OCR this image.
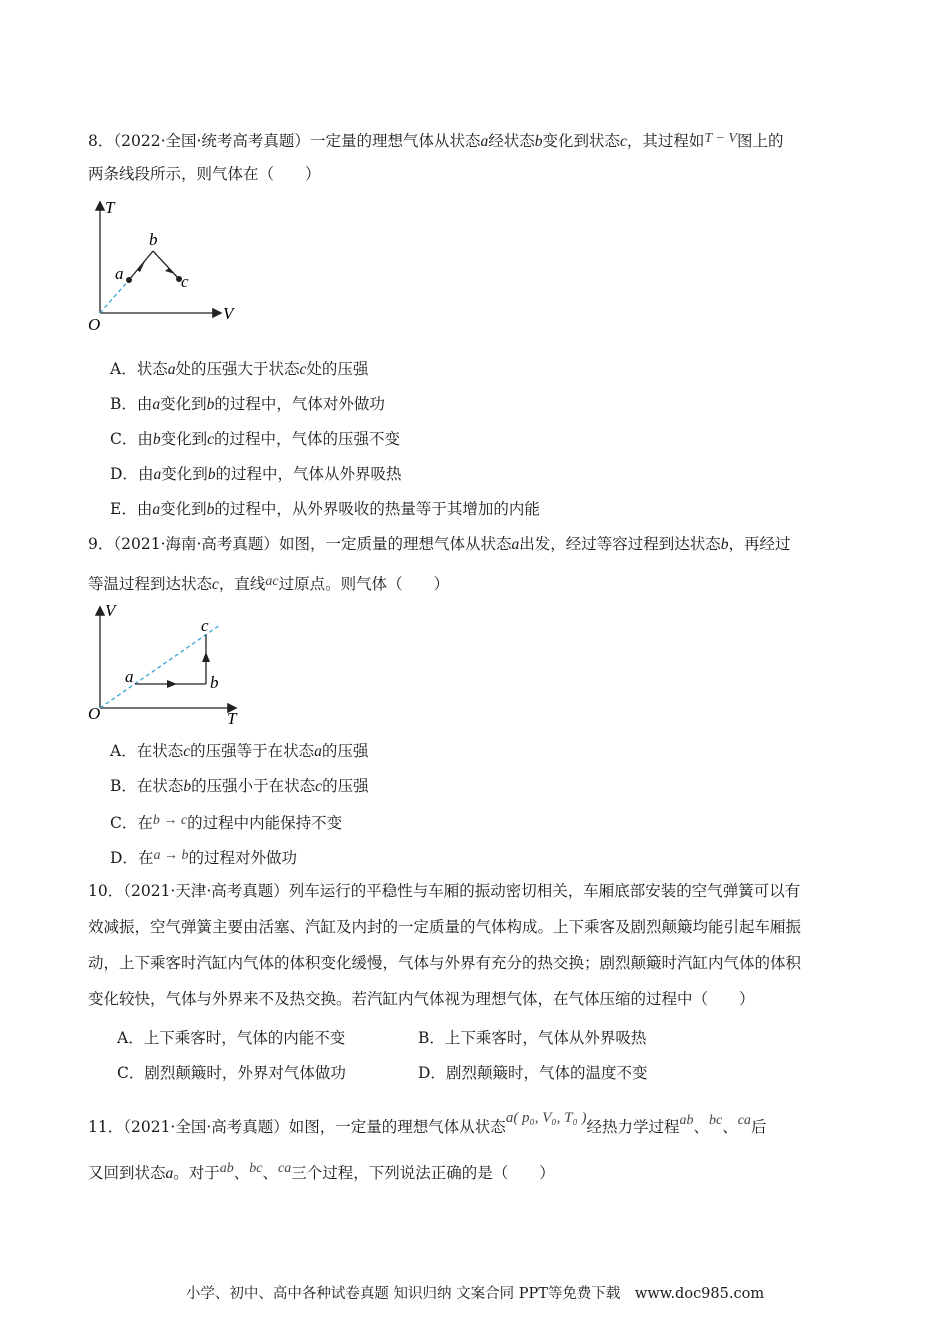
8．（2022·全国·统考高考真题）一定量的理想气体从状态a经状态b变化到状态c，其过程如T − V图上的
两条线段所示，则气体在（　　）
T
V
O
a
b
c
A．状态a处的压强大于状态c处的压强
B．由a变化到b的过程中，气体对外做功
C．由b变化到c的过程中，气体的压强不变
D．由a变化到b的过程中，气体从外界吸热
E．由a变化到b的过程中，从外界吸收的热量等于其增加的内能
9．（2021·海南·高考真题）如图，一定质量的理想气体从状态a出发，经过等容过程到达状态b，再经过
等温过程到达状态c，直线ac过原点。则气体（　　）
V
T
O
a	b
c
A．在状态c的压强等于在状态a的压强
B．在状态b的压强小于在状态c的压强
C．在b → c的过程中内能保持不变
D．在a → b的过程对外做功
10．（2021·天津·高考真题）列车运行的平稳性与车厢的振动密切相关，车厢底部安装的空气弹簧可以有
效减振，空气弹簧主要由活塞、汽缸及内封的一定质量的气体构成。上下乘客及剧烈颠簸均能引起车厢振
动，上下乘客时汽缸内气体的体积变化缓慢，气体与外界有充分的热交换；剧烈颠簸时汽缸内气体的体积
变化较快，气体与外界来不及热交换。若汽缸内气体视为理想气体，在气体压缩的过程中（　　）
A．上下乘客时，气体的内能不变	B．上下乘客时，气体从外界吸热
C．剧烈颠簸时，外界对气体做功	D．剧烈颠簸时，气体的温度不变
11．（2021·全国·高考真题）如图，一定量的理想气体从状态a( p₀, V₀, T₀ )经热力学过程ab、bc、ca后
又回到状态a。对于ab、bc、ca三个过程，下列说法正确的是（　　）
小学、初中、高中各种试卷真题 知识归纳 文案合同 PPT等免费下载　www.doc985.com
